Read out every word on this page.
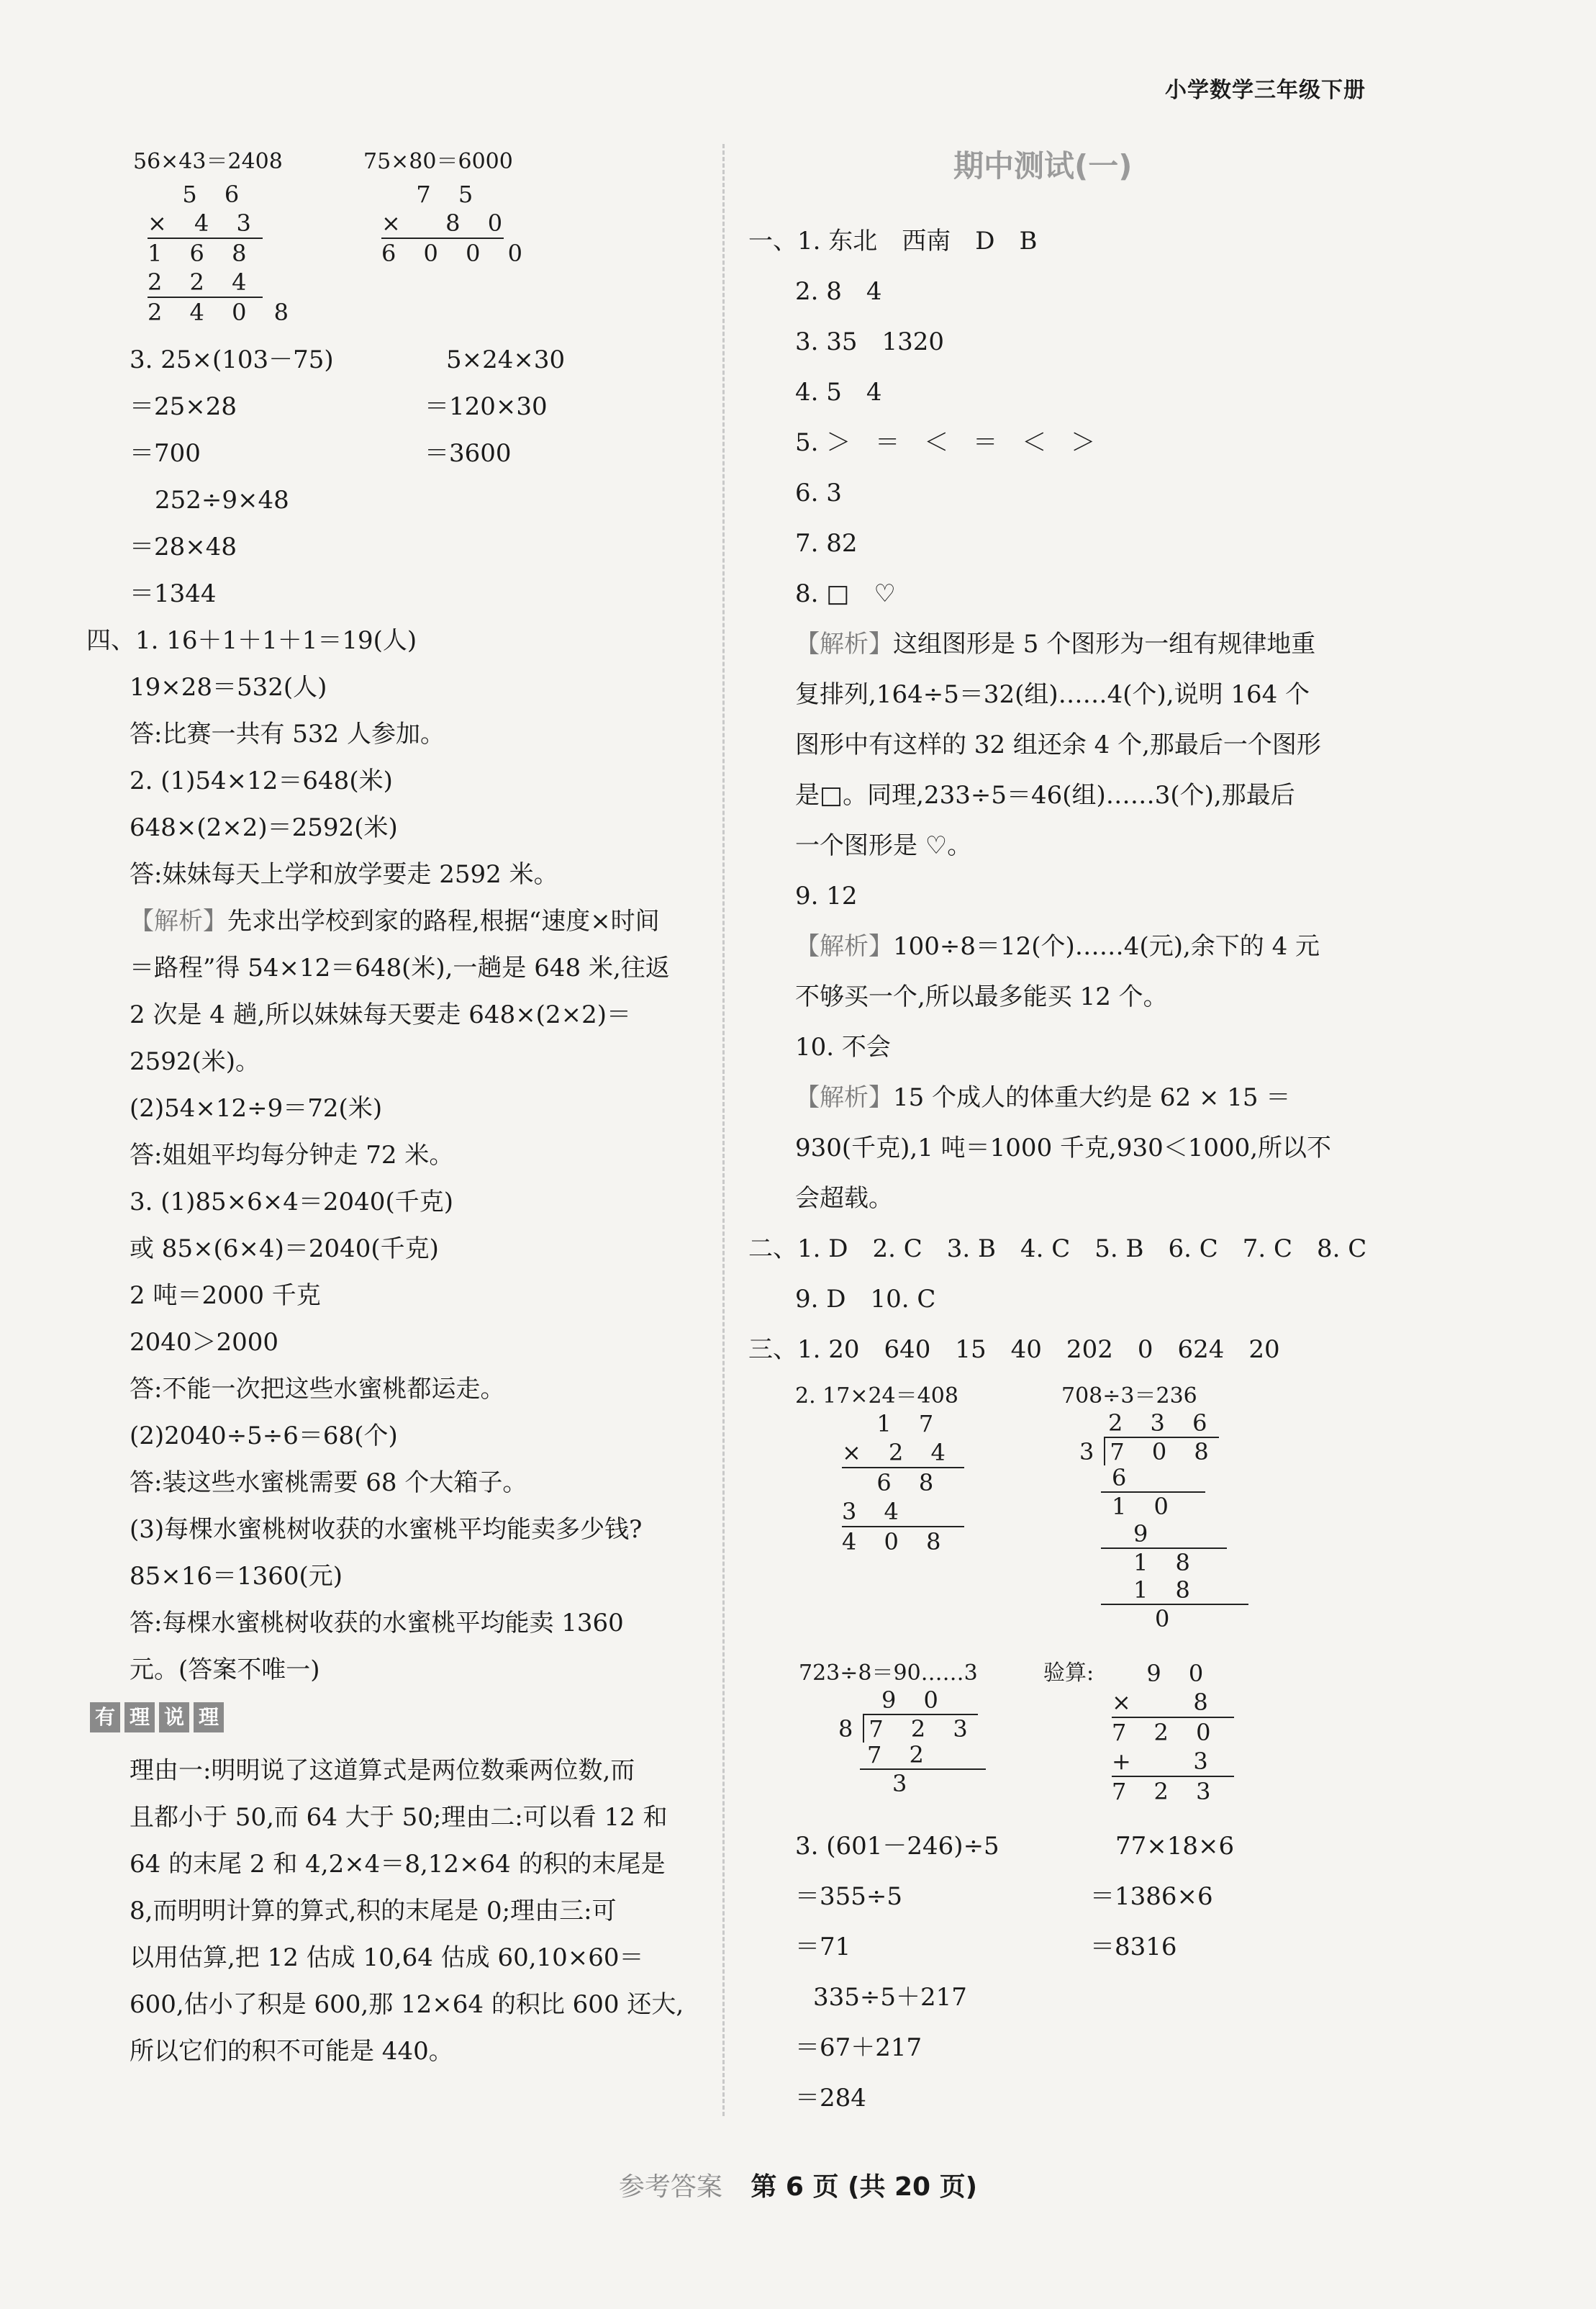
小学数学三年级下册
56×43＝2408
5 6
× 4 3
1 6 8
2 2 4
2 4 0 8
75×80＝6000
7 5
×  8 0
6 0 0 0
3. 25×(103－75)
＝25×28
＝700
5×24×30
＝120×30
＝3600
252÷9×48
＝28×48
＝1344
四、1. 16＋1＋1＋1＝19(人)
19×28＝532(人)
答:比赛一共有 532 人参加。
2. (1)54×12＝648(米)
648×(2×2)＝2592(米)
答:妹妹每天上学和放学要走 2592 米。
【解析】先求出学校到家的路程,根据“速度×时间
＝路程”得 54×12＝648(米),一趟是 648 米,往返
2 次是 4 趟,所以妹妹每天要走 648×(2×2)＝
2592(米)。
(2)54×12÷9＝72(米)
答:姐姐平均每分钟走 72 米。
3. (1)85×6×4＝2040(千克)
或 85×(6×4)＝2040(千克)
2 吨＝2000 千克
2040＞2000
答:不能一次把这些水蜜桃都运走。
(2)2040÷5÷6＝68(个)
答:装这些水蜜桃需要 68 个大箱子。
(3)每棵水蜜桃树收获的水蜜桃平均能卖多少钱?
85×16＝1360(元)
答:每棵水蜜桃树收获的水蜜桃平均能卖 1360
元。(答案不唯一)
有 理 说 理
理由一:明明说了这道算式是两位数乘两位数,而
且都小于 50,而 64 大于 50;理由二:可以看 12 和
64 的末尾 2 和 4,2×4＝8,12×64 的积的末尾是
8,而明明计算的算式,积的末尾是 0;理由三:可
以用估算,把 12 估成 10,64 估成 60,10×60＝
600,估小了积是 600,那 12×64 的积比 600 还大,
所以它们的积不可能是 440。
期中测试(一)
一、1. 东北　西南　D　B
2. 8　4
3. 35　1320
4. 5　4
5. ＞　＝　＜　＝　＜　＞
6. 3
7. 82
8. □　♡
【解析】这组图形是 5 个图形为一组有规律地重
复排列,164÷5＝32(组)……4(个),说明 164 个
图形中有这样的 32 组还余 4 个,那最后一个图形
是□。同理,233÷5＝46(组)……3(个),那最后
一个图形是 ♡。
9. 12
【解析】100÷8＝12(个)……4(元),余下的 4 元
不够买一个,所以最多能买 12 个。
10. 不会
【解析】15 个成人的体重大约是 62 × 15 ＝
930(千克),1 吨＝1000 千克,930＜1000,所以不
会超载。
二、1. D　2. C　3. B　4. C　5. B　6. C　7. C　8. C
9. D　10. C
三、1. 20　640　15　40　202　0　624　20
2. 17×24＝408
1 7
× 2 4
6 8
3 4
4 0 8
708÷3＝236
2 3 6
3 7 0 8
6
1 0
9
1 8
1 8
0
723÷8＝90……3
9 0
8 7 2 3
7 2
3
验算: 9 0
×   8
7 2 0
+   3
7 2 3
3. (601－246)÷5
＝355÷5
＝71
77×18×6
＝1386×6
＝8316
335÷5＋217
＝67＋217
＝284
参考答案 第 6 页 (共 20 页)
